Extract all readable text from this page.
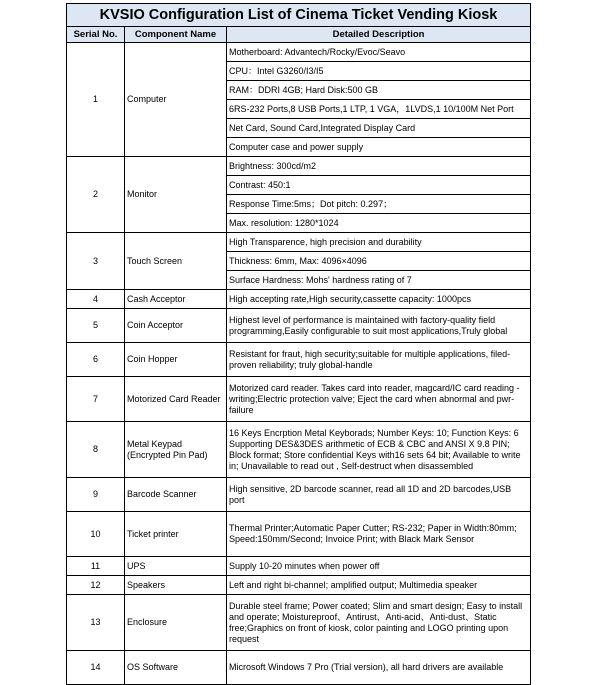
KVSIO Configuration List of Cinema Ticket Vending Kiosk		
Serial No.	Component Name	Detailed Description
1	Computer	Motherboard: Advantech/Rocky/Evoc/Seavo
		CPU：Intel G3260/I3/I5
		RAM：DDRI 4GB; Hard Disk:500 GB
		6RS-232 Ports,8 USB Ports,1 LTP, 1 VGA，1LVDS,1 10/100M Net Port
		Net Card, Sound Card,Integrated Display Card
		Computer case and power supply
2	Monitor	Brightness: 300cd/m2
		Contrast: 450:1
		Response Time:5ms；Dot pitch: 0.297；
		Max. resolution: 1280*1024
3	Touch Screen	High Transparence, high precision and durability
		Thickness: 6mm, Max: 4096×4096
		Surface Hardness: Mohs' hardness rating of 7
4	Cash Acceptor	High accepting rate,High security,cassette capacity: 1000pcs
5	Coin Acceptor	Highest level of performance is maintained with factory-quality field programming,Easily configurable to suit most applications,Truly global
6	Coin Hopper	Resistant for fraut, high security;suitable for multiple applications, filed-proven reliability; truly global-handle
7	Motorized Card Reader	Motorized card reader. Takes card into reader, magcard/IC card reading - writing;Electric protection valve; Eject the card when abnormal and pwr-failure
8	Metal Keypad (Encrypted Pin Pad)	16 Keys Encrption Metal Keyborads; Number Keys: 10; Function Keys: 6 Supporting DES&3DES arithmetic of ECB & CBC and ANSI X 9.8 PIN; Block format; Store confidential Keys with16 sets 64 bit; Available to write in; Unavailable to read out , Self-destruct when disassembled
9	Barcode Scanner	High sensitive, 2D barcode scanner, read all 1D and 2D barcodes,USB port
10	Ticket printer	Thermal Printer;Automatic Paper Cutter; RS-232; Paper in Width:80mm; Speed:150mm/Second; Invoice Print; with Black Mark Sensor
11	UPS	Supply 10-20 minutes when power off
12	Speakers	Left and right bi-channel; amplified output; Multimedia speaker
13	Enclosure	Durable steel frame; Power coated; Slim and smart design; Easy to install and operate; Moistureproof、Antirust、Anti-acid、Anti-dust、Static free;Graphics on front of kiosk, color painting and LOGO printing upon request
14	OS Software	Microsoft Windows 7 Pro (Trial version), all hard drivers are available
